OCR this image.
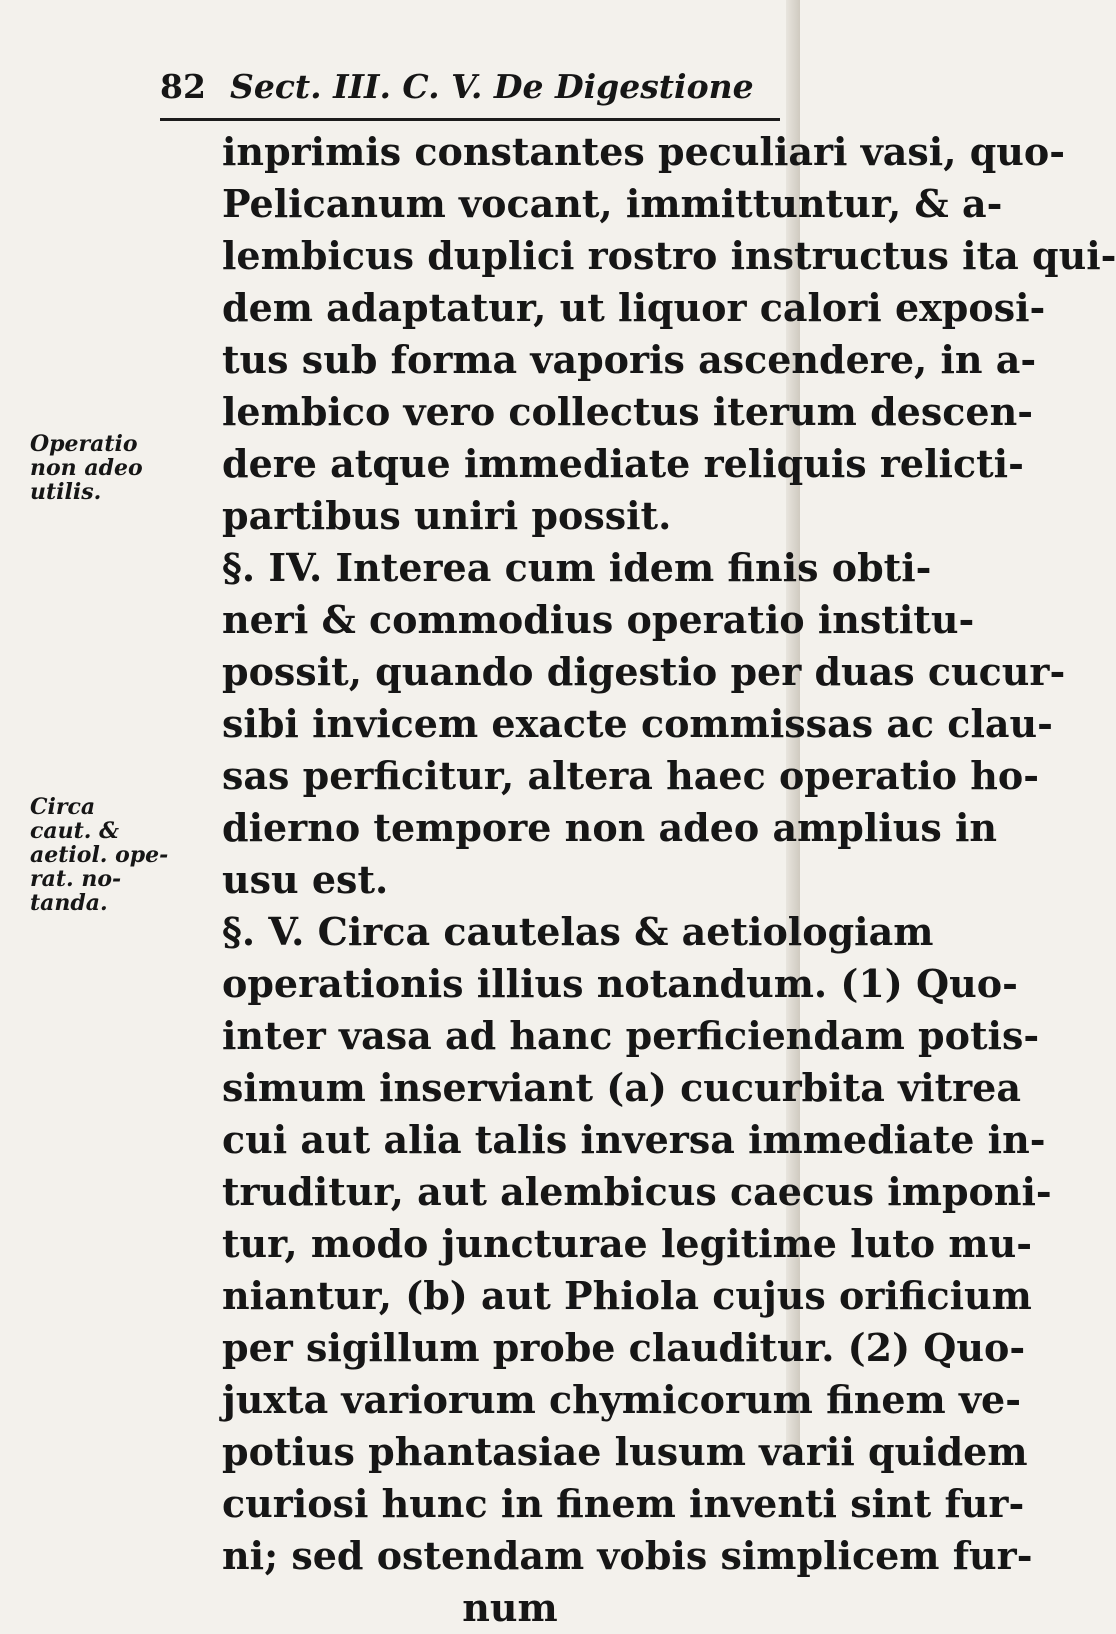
82 Sect. III. C. V. De Digestione
Operatio
non adeo
utilis.
Circa
caut. &
aetiol. ope-
rat. no-
tanda.
inprimis constantes peculiari vasi, quo-
Pelicanum vocant, immittuntur, & a-
lembicus duplici rostro instructus ita qui-
dem adaptatur, ut liquor calori exposi-
tus sub forma vaporis ascendere, in a-
lembico vero collectus iterum descen-
dere atque immediate reliquis relicti-
partibus uniri possit.
§. IV. Interea cum idem finis obti-
neri & commodius operatio institu-
possit, quando digestio per duas cucur-
sibi invicem exacte commissas ac clau-
sas perficitur, altera haec operatio ho-
dierno tempore non adeo amplius in
usu est.
§. V. Circa cautelas & aetiologiam
operationis illius notandum. (1) Quo-
inter vasa ad hanc perficiendam potis-
simum inserviant (a) cucurbita vitrea
cui aut alia talis inversa immediate in-
truditur, aut alembicus caecus imponi-
tur, modo juncturae legitime luto mu-
niantur, (b) aut Phiola cujus orificium
per sigillum probe clauditur. (2) Quo-
juxta variorum chymicorum finem ve-
potius phantasiae lusum varii quidem
curiosi hunc in finem inventi sint fur-
ni; sed ostendam vobis simplicem fur-
num
